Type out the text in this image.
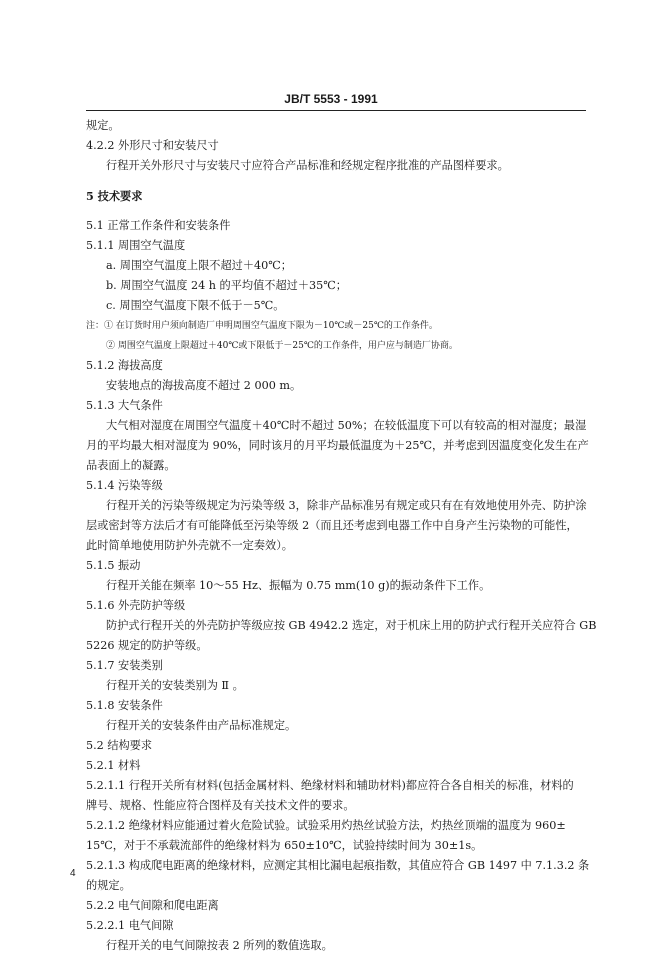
JB/T 5553 - 1991
规定。
4.2.2 外形尺寸和安装尺寸
行程开关外形尺寸与安装尺寸应符合产品标准和经规定程序批准的产品图样要求。
5 技术要求
5.1 正常工作条件和安装条件
5.1.1 周围空气温度
a. 周围空气温度上限不超过＋40℃；
b. 周围空气温度 24 h 的平均值不超过＋35℃；
c. 周围空气温度下限不低于－5℃。
注：① 在订货时用户须向制造厂申明周围空气温度下限为－10℃或－25℃的工作条件。
② 周围空气温度上限超过＋40℃或下限低于－25℃的工作条件，用户应与制造厂协商。
5.1.2 海拔高度
安装地点的海拔高度不超过 2 000 m。
5.1.3 大气条件
大气相对湿度在周围空气温度＋40℃时不超过 50%；在较低温度下可以有较高的相对湿度；最湿
月的平均最大相对湿度为 90%，同时该月的月平均最低温度为＋25℃，并考虑到因温度变化发生在产
品表面上的凝露。
5.1.4 污染等级
行程开关的污染等级规定为污染等级 3，除非产品标准另有规定或只有在有效地使用外壳、防护涂
层或密封等方法后才有可能降低至污染等级 2（而且还考虑到电器工作中自身产生污染物的可能性，
此时简单地使用防护外壳就不一定奏效）。
5.1.5 振动
行程开关能在频率 10～55 Hz、振幅为 0.75 mm(10 g)的振动条件下工作。
5.1.6 外壳防护等级
防护式行程开关的外壳防护等级应按 GB 4942.2 选定，对于机床上用的防护式行程开关应符合 GB
5226 规定的防护等级。
5.1.7 安装类别
行程开关的安装类别为 Ⅱ 。
5.1.8 安装条件
行程开关的安装条件由产品标准规定。
5.2 结构要求
5.2.1 材料
5.2.1.1 行程开关所有材料(包括金属材料、绝缘材料和辅助材料)都应符合各自相关的标准，材料的
牌号、规格、性能应符合图样及有关技术文件的要求。
5.2.1.2 绝缘材料应能通过着火危险试验。试验采用灼热丝试验方法，灼热丝顶端的温度为 960±
15℃，对于不承载流部件的绝缘材料为 650±10℃，试验持续时间为 30±1s。
5.2.1.3 构成爬电距离的绝缘材料，应测定其相比漏电起痕指数，其值应符合 GB 1497 中 7.1.3.2 条
的规定。
5.2.2 电气间隙和爬电距离
5.2.2.1 电气间隙
行程开关的电气间隙按表 2 所列的数值选取。
4
